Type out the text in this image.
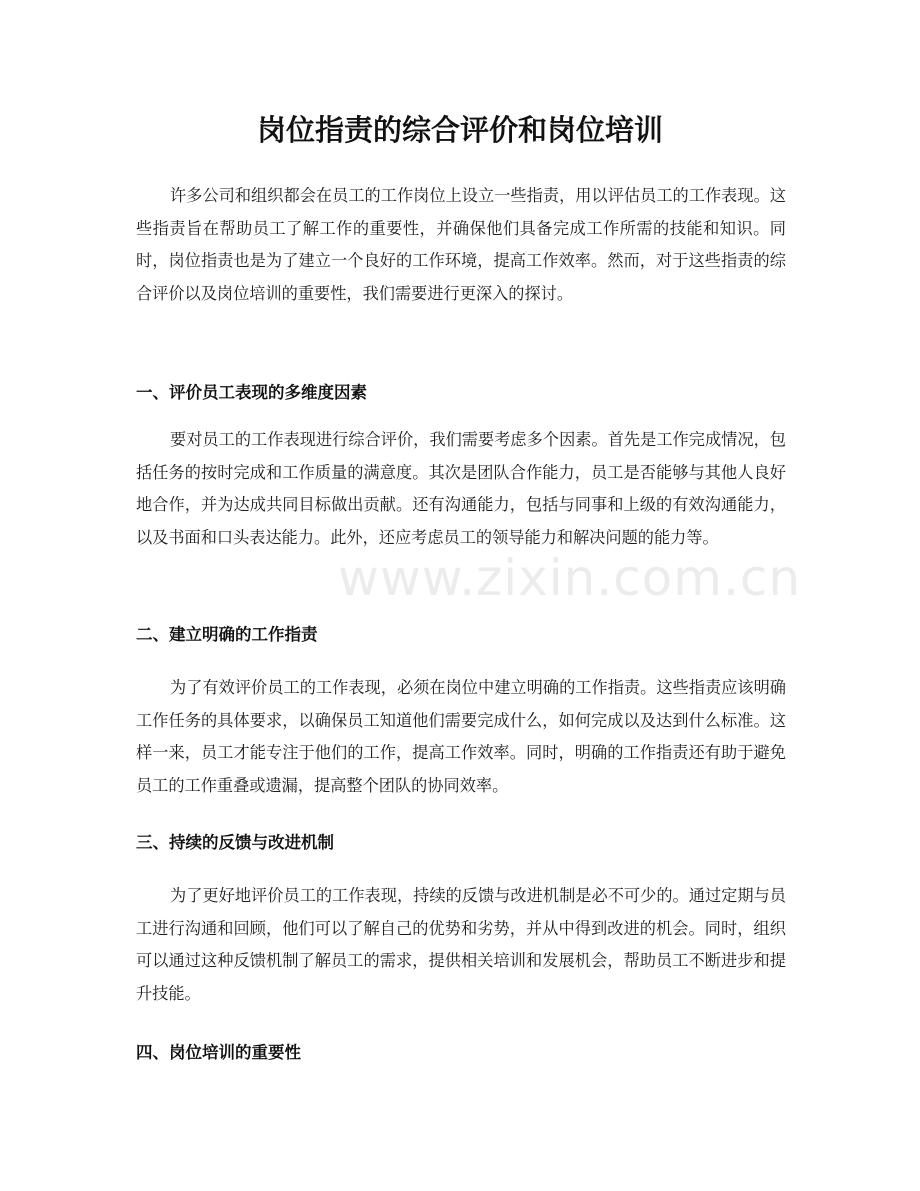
岗位指责的综合评价和岗位培训

许多公司和组织都会在员工的工作岗位上设立一些指责，用以评估员工的工作表现。这些指责旨在帮助员工了解工作的重要性，并确保他们具备完成工作所需的技能和知识。同时，岗位指责也是为了建立一个良好的工作环境，提高工作效率。然而，对于这些指责的综合评价以及岗位培训的重要性，我们需要进行更深入的探讨。

一、评价员工表现的多维度因素

要对员工的工作表现进行综合评价，我们需要考虑多个因素。首先是工作完成情况，包括任务的按时完成和工作质量的满意度。其次是团队合作能力，员工是否能够与其他人良好地合作，并为达成共同目标做出贡献。还有沟通能力，包括与同事和上级的有效沟通能力，以及书面和口头表达能力。此外，还应考虑员工的领导能力和解决问题的能力等。

二、建立明确的工作指责

为了有效评价员工的工作表现，必须在岗位中建立明确的工作指责。这些指责应该明确工作任务的具体要求，以确保员工知道他们需要完成什么，如何完成以及达到什么标准。这样一来，员工才能专注于他们的工作，提高工作效率。同时，明确的工作指责还有助于避免员工的工作重叠或遗漏，提高整个团队的协同效率。

三、持续的反馈与改进机制

为了更好地评价员工的工作表现，持续的反馈与改进机制是必不可少的。通过定期与员工进行沟通和回顾，他们可以了解自己的优势和劣势，并从中得到改进的机会。同时，组织可以通过这种反馈机制了解员工的需求，提供相关培训和发展机会，帮助员工不断进步和提升技能。

四、岗位培训的重要性
www.zixin.com.cn
